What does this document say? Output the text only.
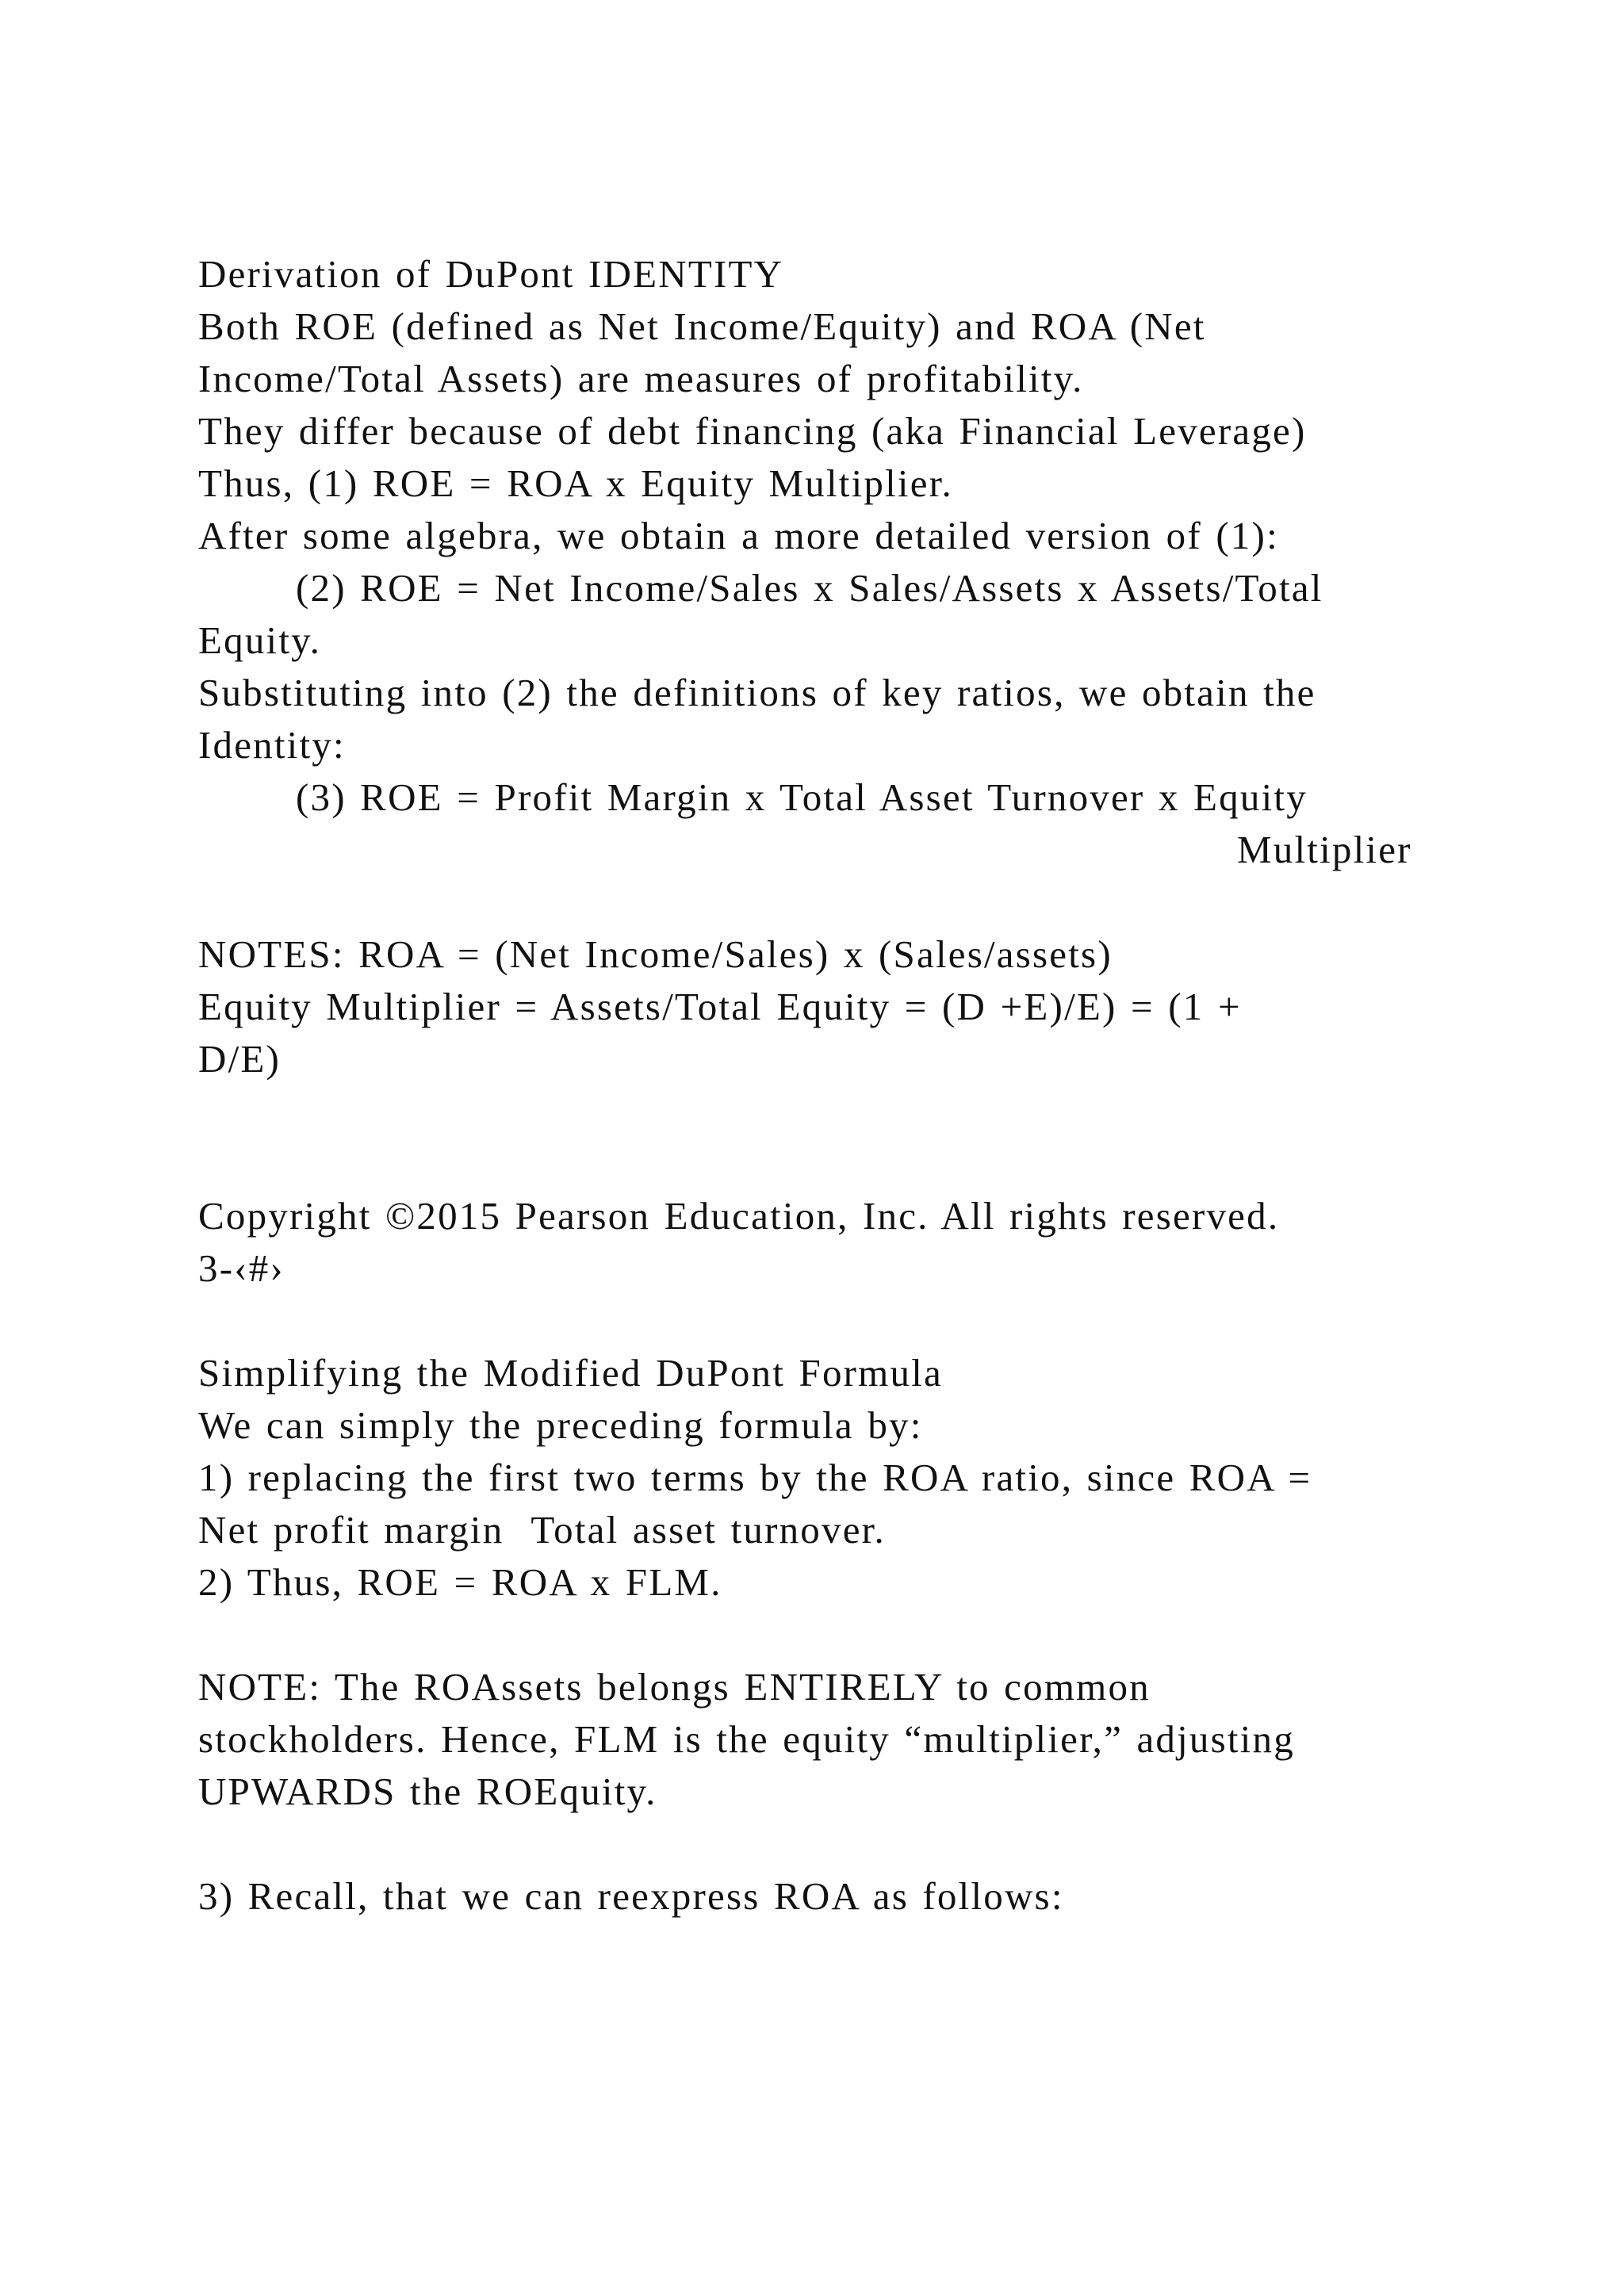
Derivation of DuPont IDENTITY
Both ROE (defined as Net Income/Equity) and ROA (Net
Income/Total Assets) are measures of profitability.
They differ because of debt financing (aka Financial Leverage)
Thus, (1) ROE = ROA x Equity Multiplier.
After some algebra, we obtain a more detailed version of (1):
(2) ROE = Net Income/Sales x Sales/Assets x Assets/Total
Equity.
Substituting into (2) the definitions of key ratios, we obtain the
Identity:
(3) ROE = Profit Margin x Total Asset Turnover x Equity
Multiplier
NOTES: ROA = (Net Income/Sales) x (Sales/assets)
Equity Multiplier = Assets/Total Equity = (D +E)/E) = (1 +
D/E)
Copyright ©2015 Pearson Education, Inc. All rights reserved.
3-‹#›
Simplifying the Modified DuPont Formula
We can simply the preceding formula by:
1) replacing the first two terms by the ROA ratio, since ROA =
Net profit margin  Total asset turnover.
2) Thus, ROE = ROA x FLM.
NOTE: The ROAssets belongs ENTIRELY to common
stockholders. Hence, FLM is the equity “multiplier,” adjusting
UPWARDS the ROEquity.
3) Recall, that we can reexpress ROA as follows:
